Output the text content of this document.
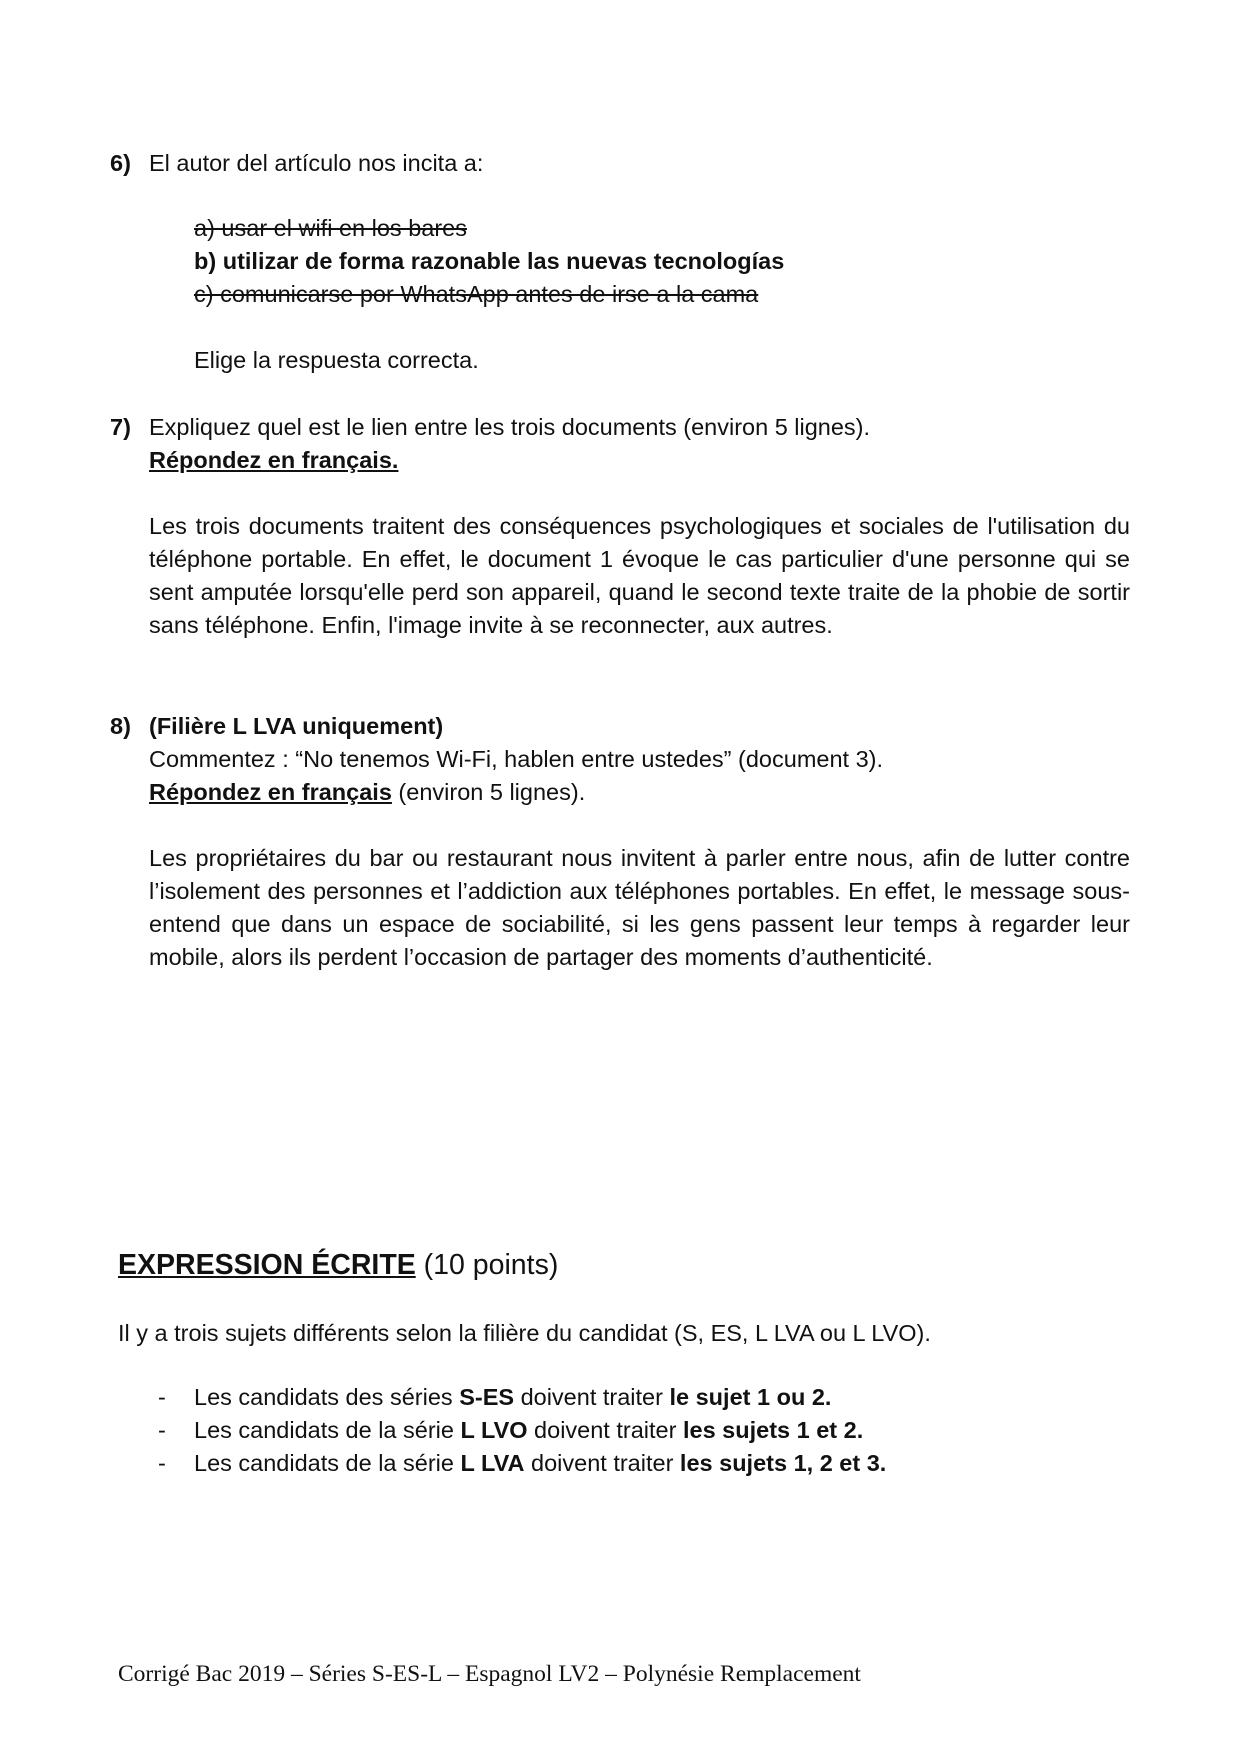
6) El autor del artículo nos incita a:
a) usar el wifi en los bares
b) utilizar de forma razonable las nuevas tecnologías
c) comunicarse por WhatsApp antes de irse a la cama
Elige la respuesta correcta.
7) Expliquez quel est le lien entre les trois documents (environ 5 lignes).
Répondez en français.
Les trois documents traitent des conséquences psychologiques et sociales de l'utilisation du téléphone portable. En effet, le document 1 évoque le cas particulier d'une personne qui se sent amputée lorsqu'elle perd son appareil, quand le second texte traite de la phobie de sortir sans téléphone. Enfin, l'image invite à se reconnecter, aux autres.
8) (Filière L LVA uniquement)
Commentez : “No tenemos Wi-Fi, hablen entre ustedes” (document 3).
Répondez en français (environ 5 lignes).
Les propriétaires du bar ou restaurant nous invitent à parler entre nous, afin de lutter contre l’isolement des personnes et l’addiction aux téléphones portables. En effet, le message sous-entend que dans un espace de sociabilité, si les gens passent leur temps à regarder leur mobile, alors ils perdent l’occasion de partager des moments d’authenticité.
EXPRESSION ÉCRITE (10 points)
Il y a trois sujets différents selon la filière du candidat (S, ES, L LVA ou L LVO).
- Les candidats des séries S-ES doivent traiter le sujet 1 ou 2.
- Les candidats de la série L LVO doivent traiter les sujets 1 et 2.
- Les candidats de la série L LVA doivent traiter les sujets 1, 2 et 3.
Corrigé Bac 2019 – Séries S-ES-L – Espagnol LV2 – Polynésie Remplacement
